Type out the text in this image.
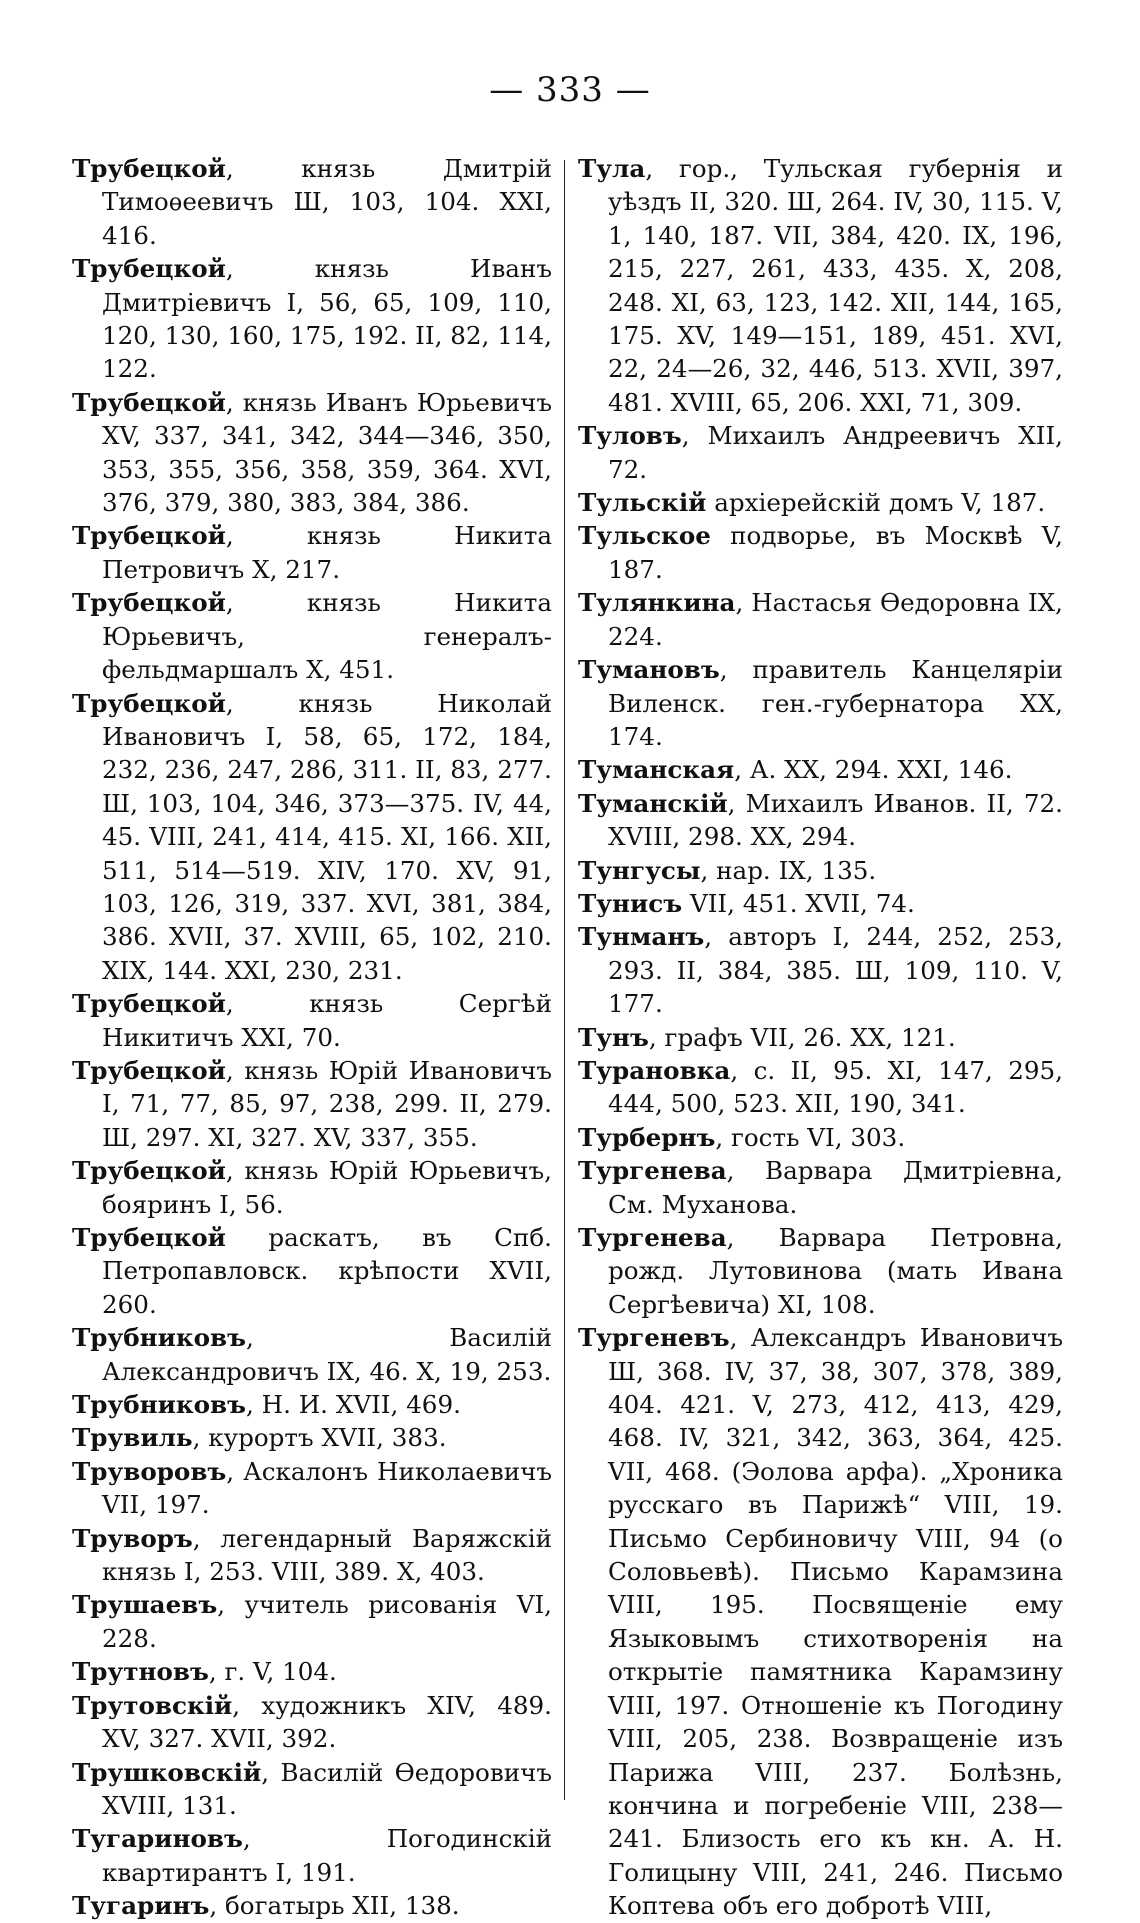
— 333 —

Трубецкой, князь Дмитрій Тимоѳеевичъ Ш, 103, 104. XXI, 416.

Трубецкой, князь Иванъ Дмитріевичъ I, 56, 65, 109, 110, 120, 130, 160, 175, 192. II, 82, 114, 122.

Трубецкой, князь Иванъ Юрьевичъ XV, 337, 341, 342, 344—346, 350, 353, 355, 356, 358, 359, 364. XVI, 376, 379, 380, 383, 384, 386.

Трубецкой, князь Никита Петровичъ X, 217.

Трубецкой, князь Никита Юрьевичъ, генералъ-фельдмаршалъ X, 451.

Трубецкой, князь Николай Ивановичъ I, 58, 65, 172, 184, 232, 236, 247, 286, 311. II, 83, 277. Ш, 103, 104, 346, 373—375. IV, 44, 45. VIII, 241, 414, 415. XI, 166. XII, 511, 514—519. XIV, 170. XV, 91, 103, 126, 319, 337. XVI, 381, 384, 386. XVII, 37. XVIII, 65, 102, 210. XIX, 144. XXI, 230, 231.

Трубецкой, князь Сергѣй Никитичъ XXI, 70.

Трубецкой, князь Юрій Ивановичъ I, 71, 77, 85, 97, 238, 299. II, 279. Ш, 297. XI, 327. XV, 337, 355.

Трубецкой, князь Юрій Юрьевичъ, бояринъ I, 56.

Трубецкой раскатъ, въ Спб. Петропавловск. крѣпости XVII, 260.

Трубниковъ, Василій Александровичъ IX, 46. X, 19, 253.

Трубниковъ, Н. И. XVII, 469.

Трувиль, курортъ XVII, 383.

Труворовъ, Аскалонъ Николаевичъ VII, 197.

Труворъ, легендарный Варяжскій князь I, 253. VIII, 389. X, 403.

Трушаевъ, учитель рисованія VI, 228.

Трутновъ, г. V, 104.

Трутовскій, художникъ XIV, 489. XV, 327. XVII, 392.

Трушковскій, Василій Ѳедоровичъ XVIII, 131.

Тугариновъ, Погодинскій квартирантъ I, 191.

Тугаринъ, богатырь XII, 138.

Тула, гор., Тульская губернія и уѣздъ II, 320. Ш, 264. IV, 30, 115. V, 1, 140, 187. VII, 384, 420. IX, 196, 215, 227, 261, 433, 435. X, 208, 248. XI, 63, 123, 142. XII, 144, 165, 175. XV, 149—151, 189, 451. XVI, 22, 24—26, 32, 446, 513. XVII, 397, 481. XVIII, 65, 206. XXI, 71, 309.

Туловъ, Михаилъ Андреевичъ XII, 72.

Тульскій архіерейскій домъ V, 187.

Тульское подворье, въ Москвѣ V, 187.

Тулянкина, Настасья Ѳедоровна IX, 224.

Тумановъ, правитель Канцеляріи Виленск. ген.-губернатора XX, 174.

Туманская, А. XX, 294. XXI, 146.

Туманскій, Михаилъ Иванов. II, 72. XVIII, 298. XX, 294.

Тунгусы, нар. IX, 135.

Тунисъ VII, 451. XVII, 74.

Тунманъ, авторъ I, 244, 252, 253, 293. II, 384, 385. Ш, 109, 110. V, 177.

Тунъ, графъ VII, 26. XX, 121.

Турановка, с. II, 95. XI, 147, 295, 444, 500, 523. XII, 190, 341.

Турбернъ, гость VI, 303.

Тургенева, Варвара Дмитріевна, См. Муханова.

Тургенева, Варвара Петровна, рожд. Лутовинова (мать Ивана Сергѣевича) XI, 108.

Тургеневъ, Александръ Ивановичъ Ш, 368. IV, 37, 38, 307, 378, 389, 404. 421. V, 273, 412, 413, 429, 468. IV, 321, 342, 363, 364, 425. VII, 468. (Эолова арфа). „Хроника русскаго въ Парижѣ“ VIII, 19. Письмо Сербиновичу VIII, 94 (о Соловьевѣ). Письмо Карамзина VIII, 195. Посвященіе ему Языковымъ стихотворенія на открытіе памятника Карамзину VIII, 197. Отношеніе къ Погодину VIII, 205, 238. Возвращеніе изъ Парижа VIII, 237. Болѣзнь, кончина и погребеніе VIII, 238—241. Близость его къ кн. А. Н. Голицыну VIII, 241, 246. Письмо Коптева объ его добротѣ VIII,
